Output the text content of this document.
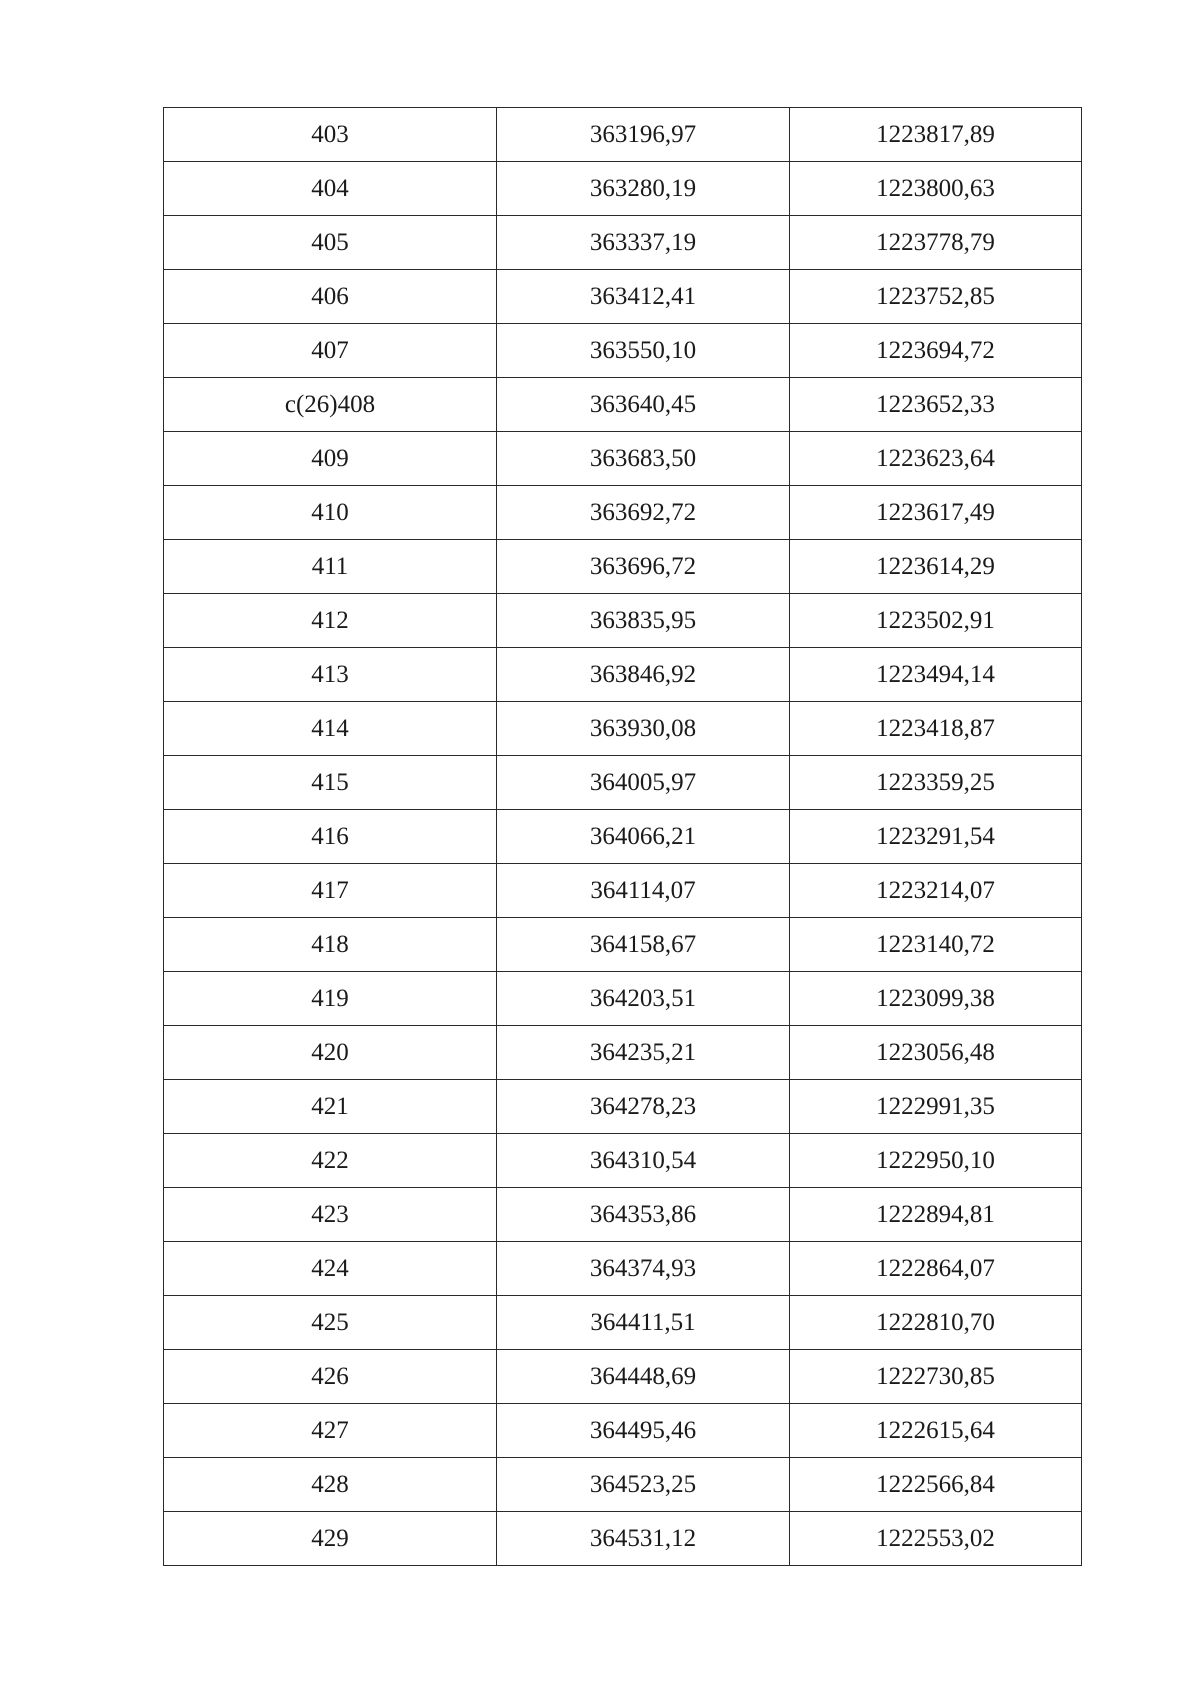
403	363196,97	1223817,89
404	363280,19	1223800,63
405	363337,19	1223778,79
406	363412,41	1223752,85
407	363550,10	1223694,72
c(26)408	363640,45	1223652,33
409	363683,50	1223623,64
410	363692,72	1223617,49
411	363696,72	1223614,29
412	363835,95	1223502,91
413	363846,92	1223494,14
414	363930,08	1223418,87
415	364005,97	1223359,25
416	364066,21	1223291,54
417	364114,07	1223214,07
418	364158,67	1223140,72
419	364203,51	1223099,38
420	364235,21	1223056,48
421	364278,23	1222991,35
422	364310,54	1222950,10
423	364353,86	1222894,81
424	364374,93	1222864,07
425	364411,51	1222810,70
426	364448,69	1222730,85
427	364495,46	1222615,64
428	364523,25	1222566,84
429	364531,12	1222553,02
